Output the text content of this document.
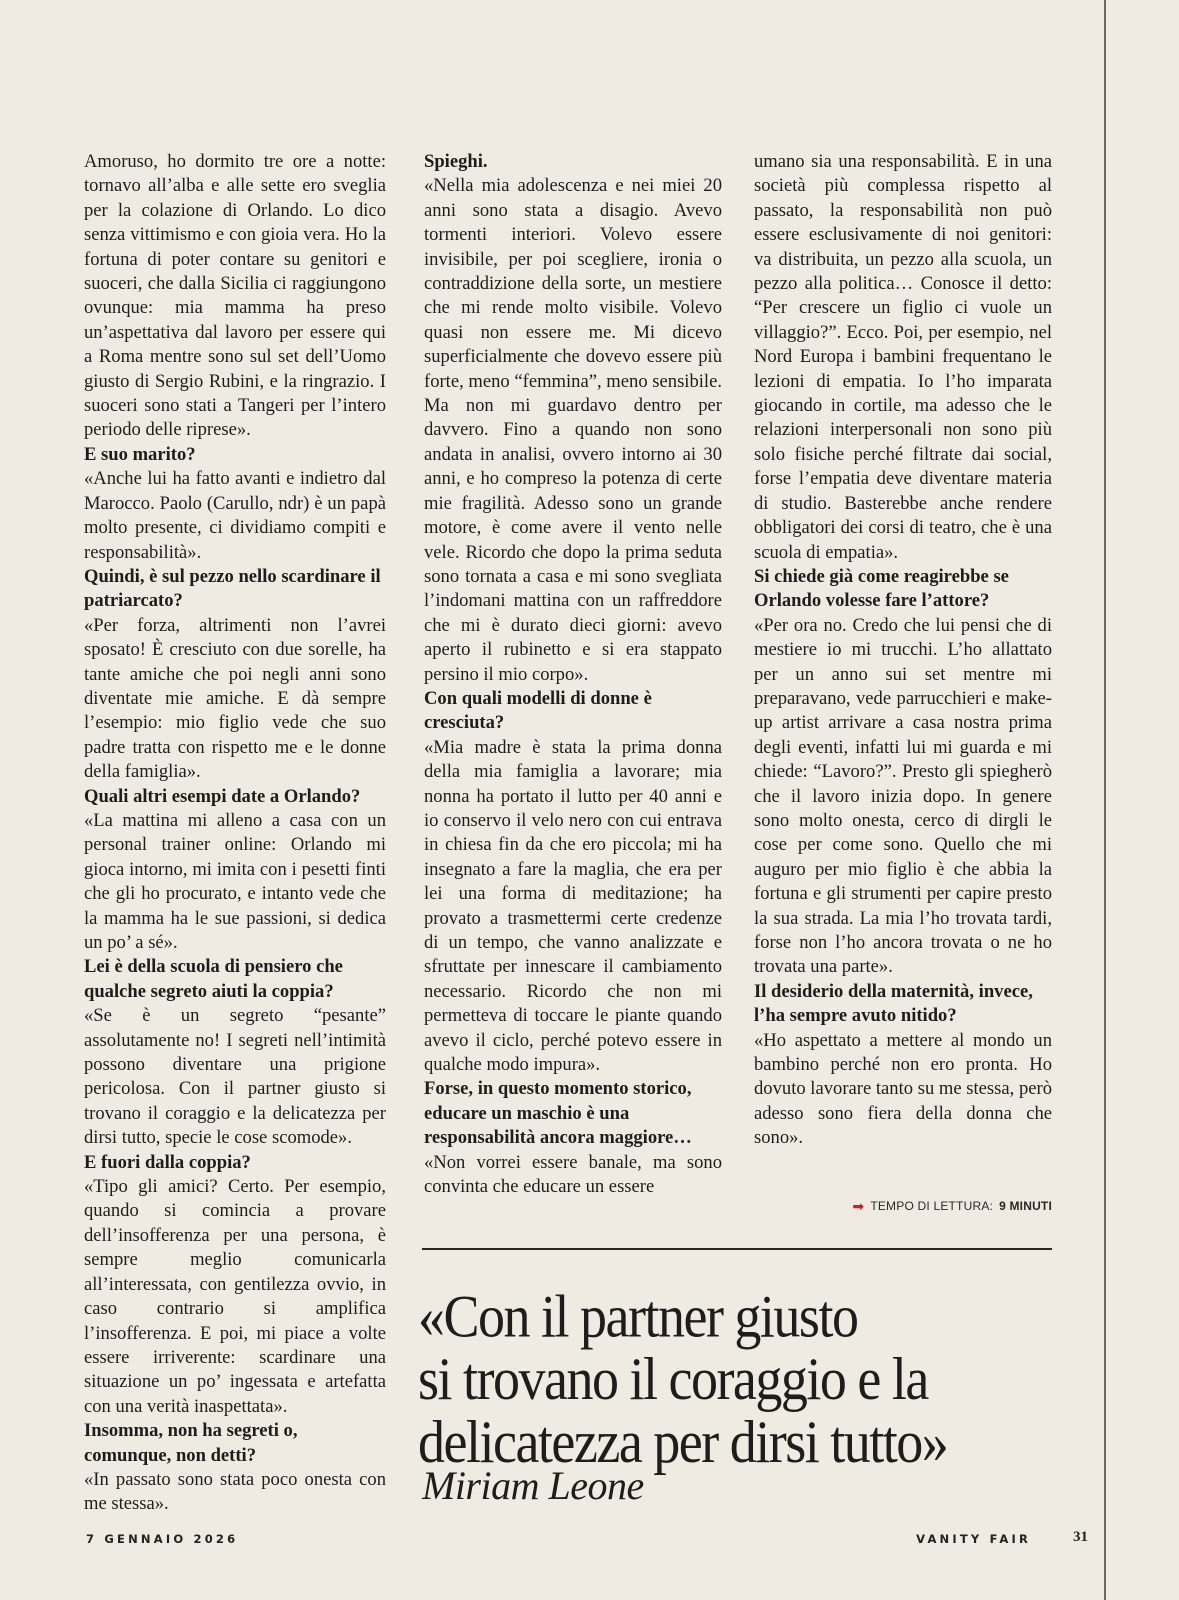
Amoruso, ho dormito tre ore a notte: tornavo all’alba e alle sette ero sveglia per la colazione di Orlando. Lo dico senza vittimismo e con gioia vera. Ho la fortuna di poter contare su genitori e suoceri, che dalla Sicilia ci raggiungono ovunque: mia mamma ha preso un’aspettativa dal lavoro per essere qui a Roma mentre sono sul set dell’Uomo giusto di Sergio Rubini, e la ringrazio. I suoceri sono stati a Tangeri per l’intero periodo delle riprese».

E suo marito?

«Anche lui ha fatto avanti e indietro dal Marocco. Paolo (Carullo, ndr) è un papà molto presente, ci dividiamo compiti e responsabilità».

Quindi, è sul pezzo nello scardinare il patriarcato?

«Per forza, altrimenti non l’avrei sposato! È cresciuto con due sorelle, ha tante amiche che poi negli anni sono diventate mie amiche. E dà sempre l’esempio: mio figlio vede che suo padre tratta con rispetto me e le donne della famiglia».

Quali altri esempi date a Orlando?

«La mattina mi alleno a casa con un personal trainer online: Orlando mi gioca intorno, mi imita con i pesetti finti che gli ho procurato, e intanto vede che la mamma ha le sue passioni, si dedica un po’ a sé».

Lei è della scuola di pensiero che qualche segreto aiuti la coppia?

«Se è un segreto “pesante” assolutamente no! I segreti nell’intimità possono diventare una prigione pericolosa. Con il partner giusto si trovano il coraggio e la delicatezza per dirsi tutto, specie le cose scomode».

E fuori dalla coppia?

«Tipo gli amici? Certo. Per esempio, quando si comincia a provare dell’insofferenza per una persona, è sempre meglio comunicarla all’interessata, con gentilezza ovvio, in caso contrario si amplifica l’insofferenza. E poi, mi piace a volte essere irriverente: scardinare una situazione un po’ ingessata e artefatta con una verità inaspettata».

Insomma, non ha segreti o, comunque, non detti?

«In passato sono stata poco onesta con me stessa».

Spieghi.

«Nella mia adolescenza e nei miei 20 anni sono stata a disagio. Avevo tormenti interiori. Volevo essere invisibile, per poi scegliere, ironia o contraddizione della sorte, un mestiere che mi rende molto visibile. Volevo quasi non essere me. Mi dicevo superficialmente che dovevo essere più forte, meno “femmina”, meno sensibile. Ma non mi guardavo dentro per davvero. Fino a quando non sono andata in analisi, ovvero intorno ai 30 anni, e ho compreso la potenza di certe mie fragilità. Adesso sono un grande motore, è come avere il vento nelle vele. Ricordo che dopo la prima seduta sono tornata a casa e mi sono svegliata l’indomani mattina con un raffreddore che mi è durato dieci giorni: avevo aperto il rubinetto e si era stappato persino il mio corpo».

Con quali modelli di donne è cresciuta?

«Mia madre è stata la prima donna della mia famiglia a lavorare; mia nonna ha portato il lutto per 40 anni e io conservo il velo nero con cui entrava in chiesa fin da che ero piccola; mi ha insegnato a fare la maglia, che era per lei una forma di meditazione; ha provato a trasmettermi certe credenze di un tempo, che vanno analizzate e sfruttate per innescare il cambiamento necessario. Ricordo che non mi permetteva di toccare le piante quando avevo il ciclo, perché potevo essere in qualche modo impura».

Forse, in questo momento storico, educare un maschio è una responsabilità ancora maggiore…

«Non vorrei essere banale, ma sono convinta che educare un essere

umano sia una responsabilità. E in una società più complessa rispetto al passato, la responsabilità non può essere esclusivamente di noi genitori: va distribuita, un pezzo alla scuola, un pezzo alla politica… Conosce il detto: “Per crescere un figlio ci vuole un villaggio?”. Ecco. Poi, per esempio, nel Nord Europa i bambini frequentano le lezioni di empatia. Io l’ho imparata giocando in cortile, ma adesso che le relazioni interpersonali non sono più solo fisiche perché filtrate dai social, forse l’empatia deve diventare materia di studio. Basterebbe anche rendere obbligatori dei corsi di teatro, che è una scuola di empatia».

Si chiede già come reagirebbe se Orlando volesse fare l’attore?

«Per ora no. Credo che lui pensi che di mestiere io mi trucchi. L’ho allattato per un anno sui set mentre mi preparavano, vede parrucchieri e make-up artist arrivare a casa nostra prima degli eventi, infatti lui mi guarda e mi chiede: “Lavoro?”. Presto gli spiegherò che il lavoro inizia dopo. In genere sono molto onesta, cerco di dirgli le cose per come sono. Quello che mi auguro per mio figlio è che abbia la fortuna e gli strumenti per capire presto la sua strada. La mia l’ho trovata tardi, forse non l’ho ancora trovata o ne ho trovata una parte».

Il desiderio della maternità, invece, l’ha sempre avuto nitido?

«Ho aspettato a mettere al mondo un bambino perché non ero pronta. Ho dovuto lavorare tanto su me stessa, però adesso sono fiera della donna che sono».

➡ TEMPO DI LETTURA: 9 MINUTI
«Con il partner giusto
si trovano il coraggio e la
delicatezza per dirsi tutto»
Miriam Leone
7 GENNAIO 2026	VANITY FAIR	31
